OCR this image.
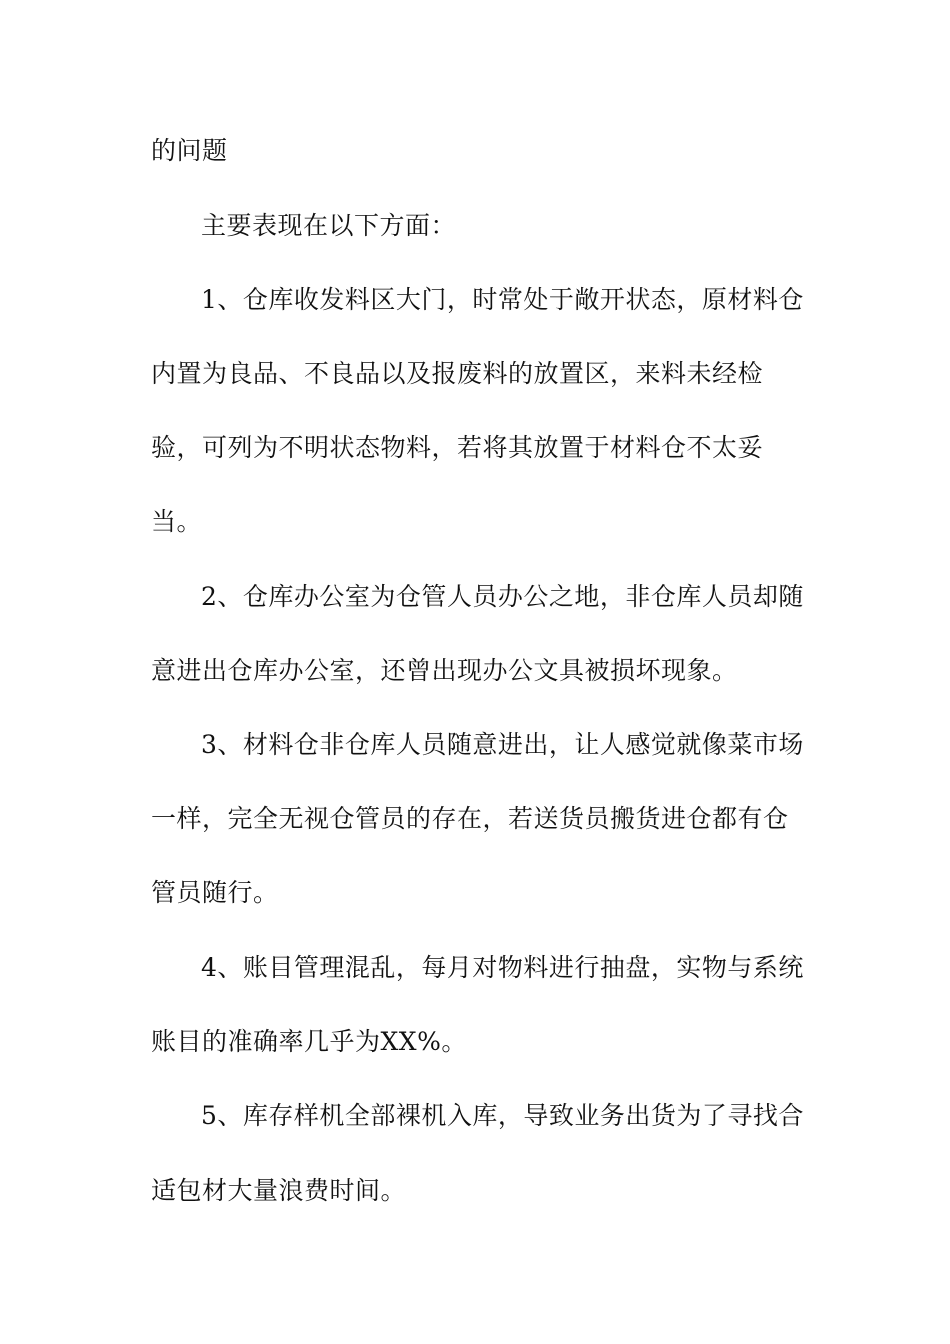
的问题
主要表现在以下方面：
1、仓库收发料区大门，时常处于敞开状态，原材料仓
内置为良品、不良品以及报废料的放置区，来料未经检
验，可列为不明状态物料，若将其放置于材料仓不太妥
当。
2、仓库办公室为仓管人员办公之地，非仓库人员却随
意进出仓库办公室，还曾出现办公文具被损坏现象。
3、材料仓非仓库人员随意进出，让人感觉就像菜市场
一样，完全无视仓管员的存在，若送货员搬货进仓都有仓
管员随行。
4、账目管理混乱，每月对物料进行抽盘，实物与系统
账目的准确率几乎为XX%。
5、库存样机全部裸机入库，导致业务出货为了寻找合
适包材大量浪费时间。
